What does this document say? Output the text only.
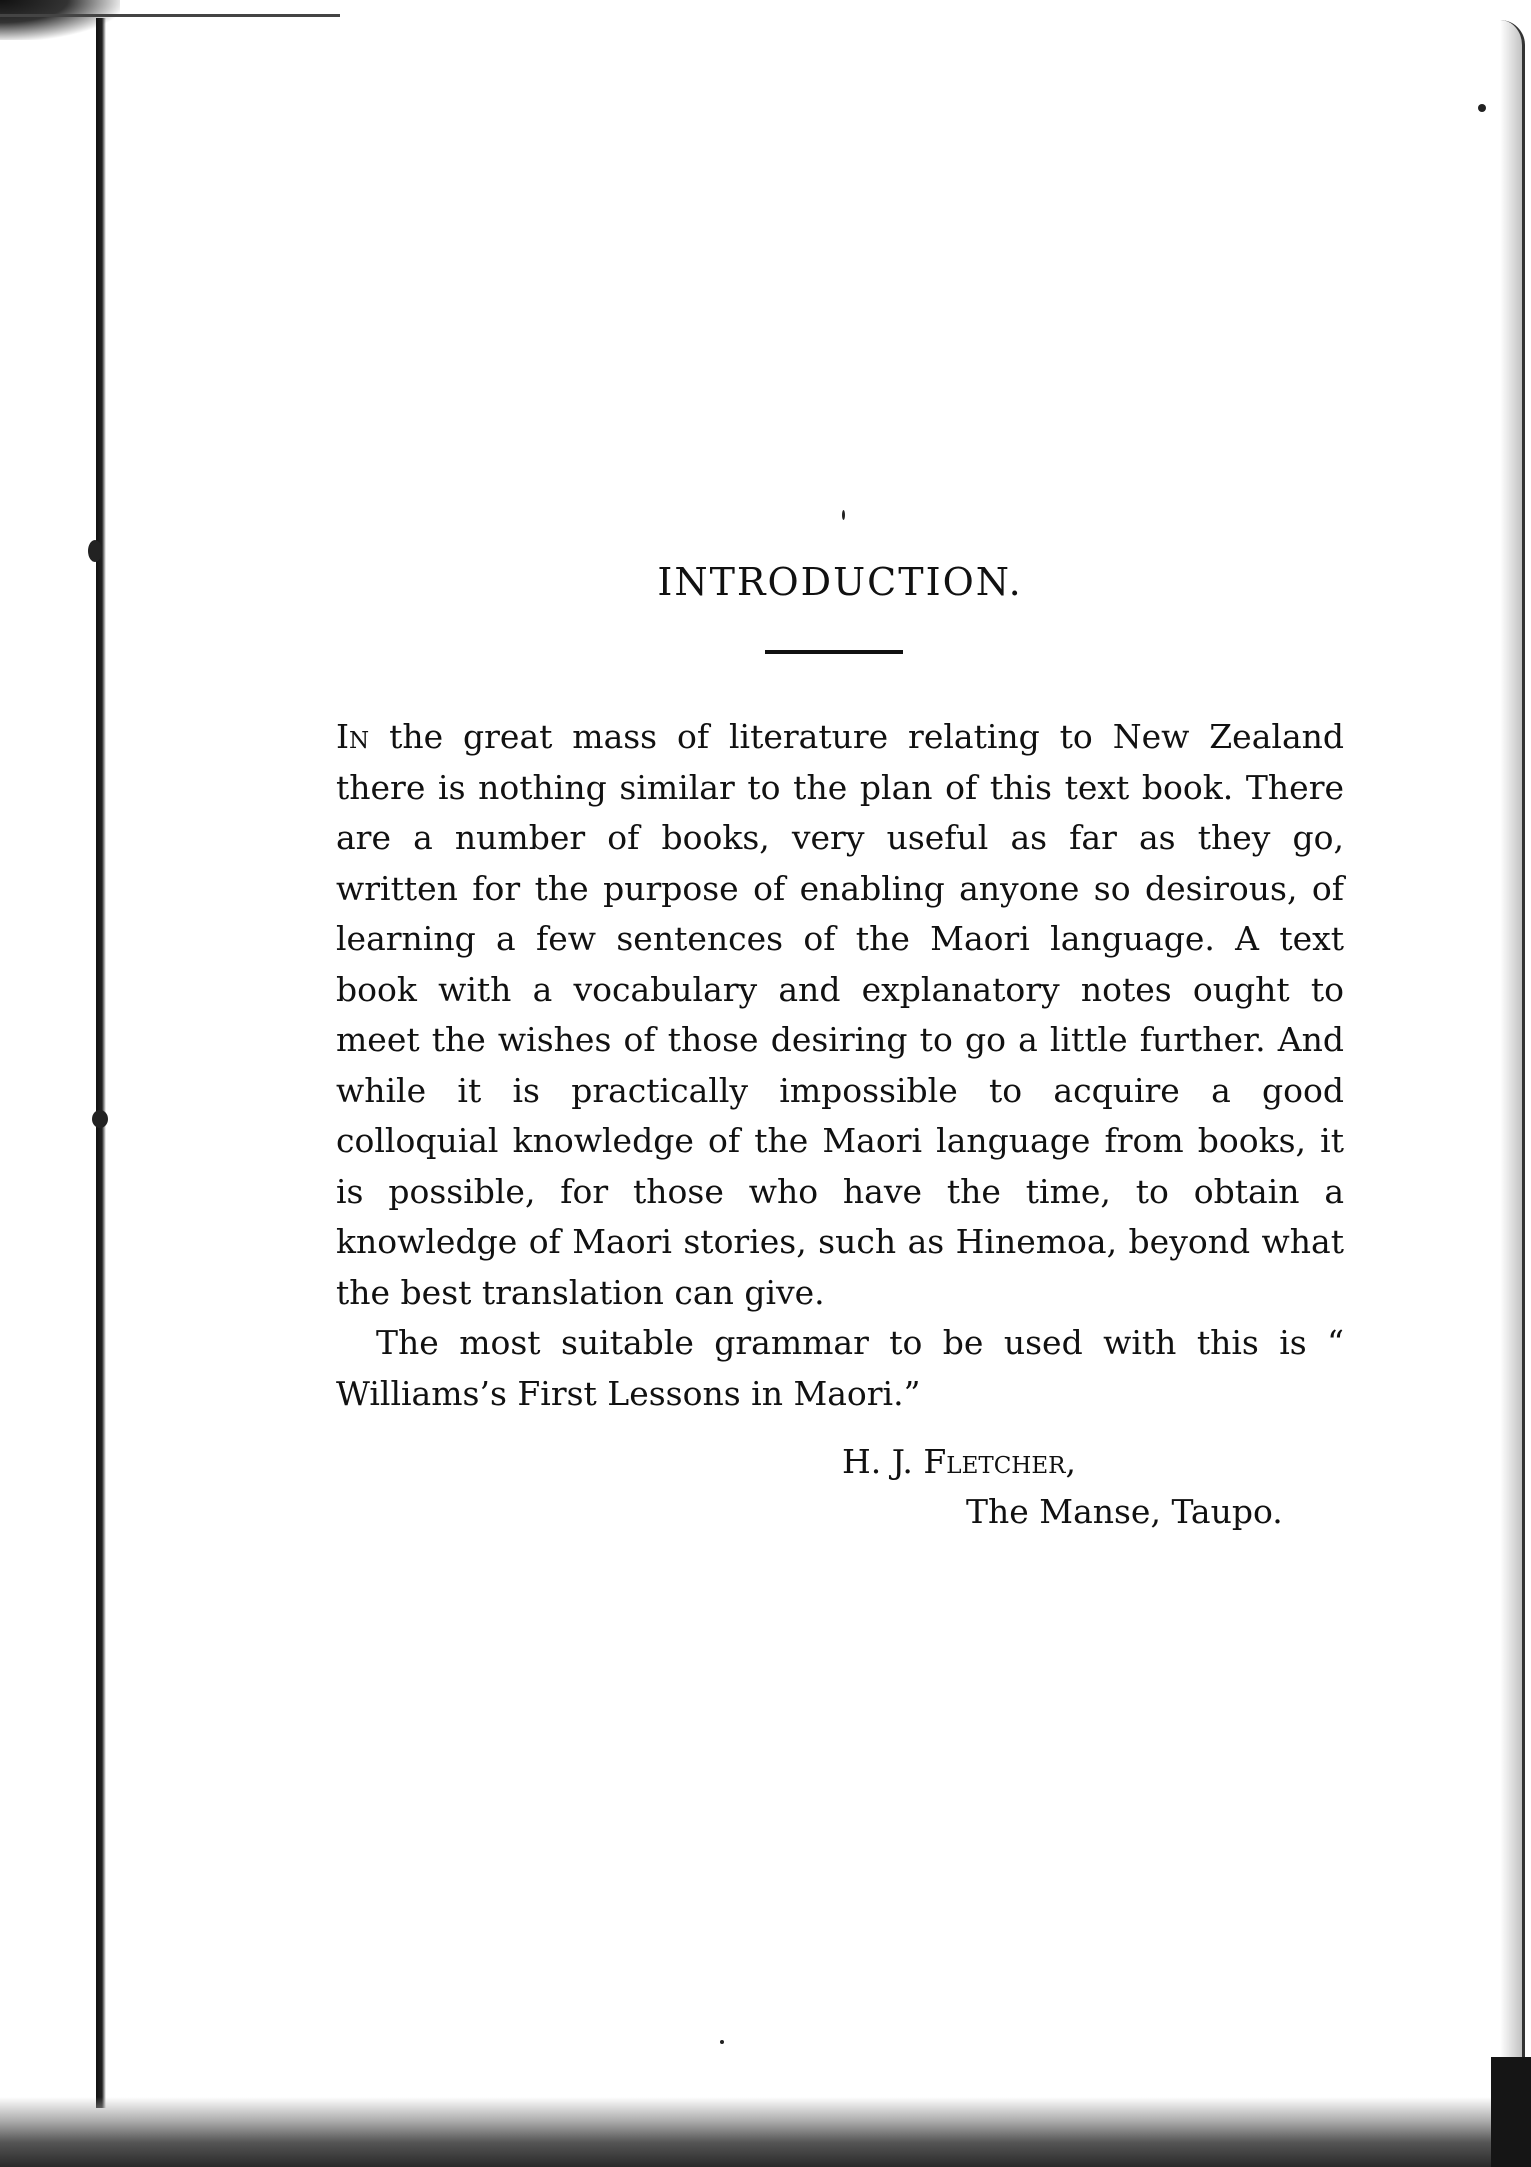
INTRODUCTION.

In the great mass of literature relating to New Zealand there is nothing similar to the plan of this text book. There are a number of books, very useful as far as they go, written for the purpose of enabling anyone so desirous, of learning a few sentences of the Maori language. A text book with a vocabulary and explanatory notes ought to meet the wishes of those desiring to go a little further. And while it is practically impossible to acquire a good colloquial knowledge of the Maori language from books, it is possible, for those who have the time, to obtain a knowledge of Maori stories, such as Hinemoa, beyond what the best translation can give.

The most suitable grammar to be used with this is “ Williams’s First Lessons in Maori.”

H. J. Fletcher,
The Manse, Taupo.
